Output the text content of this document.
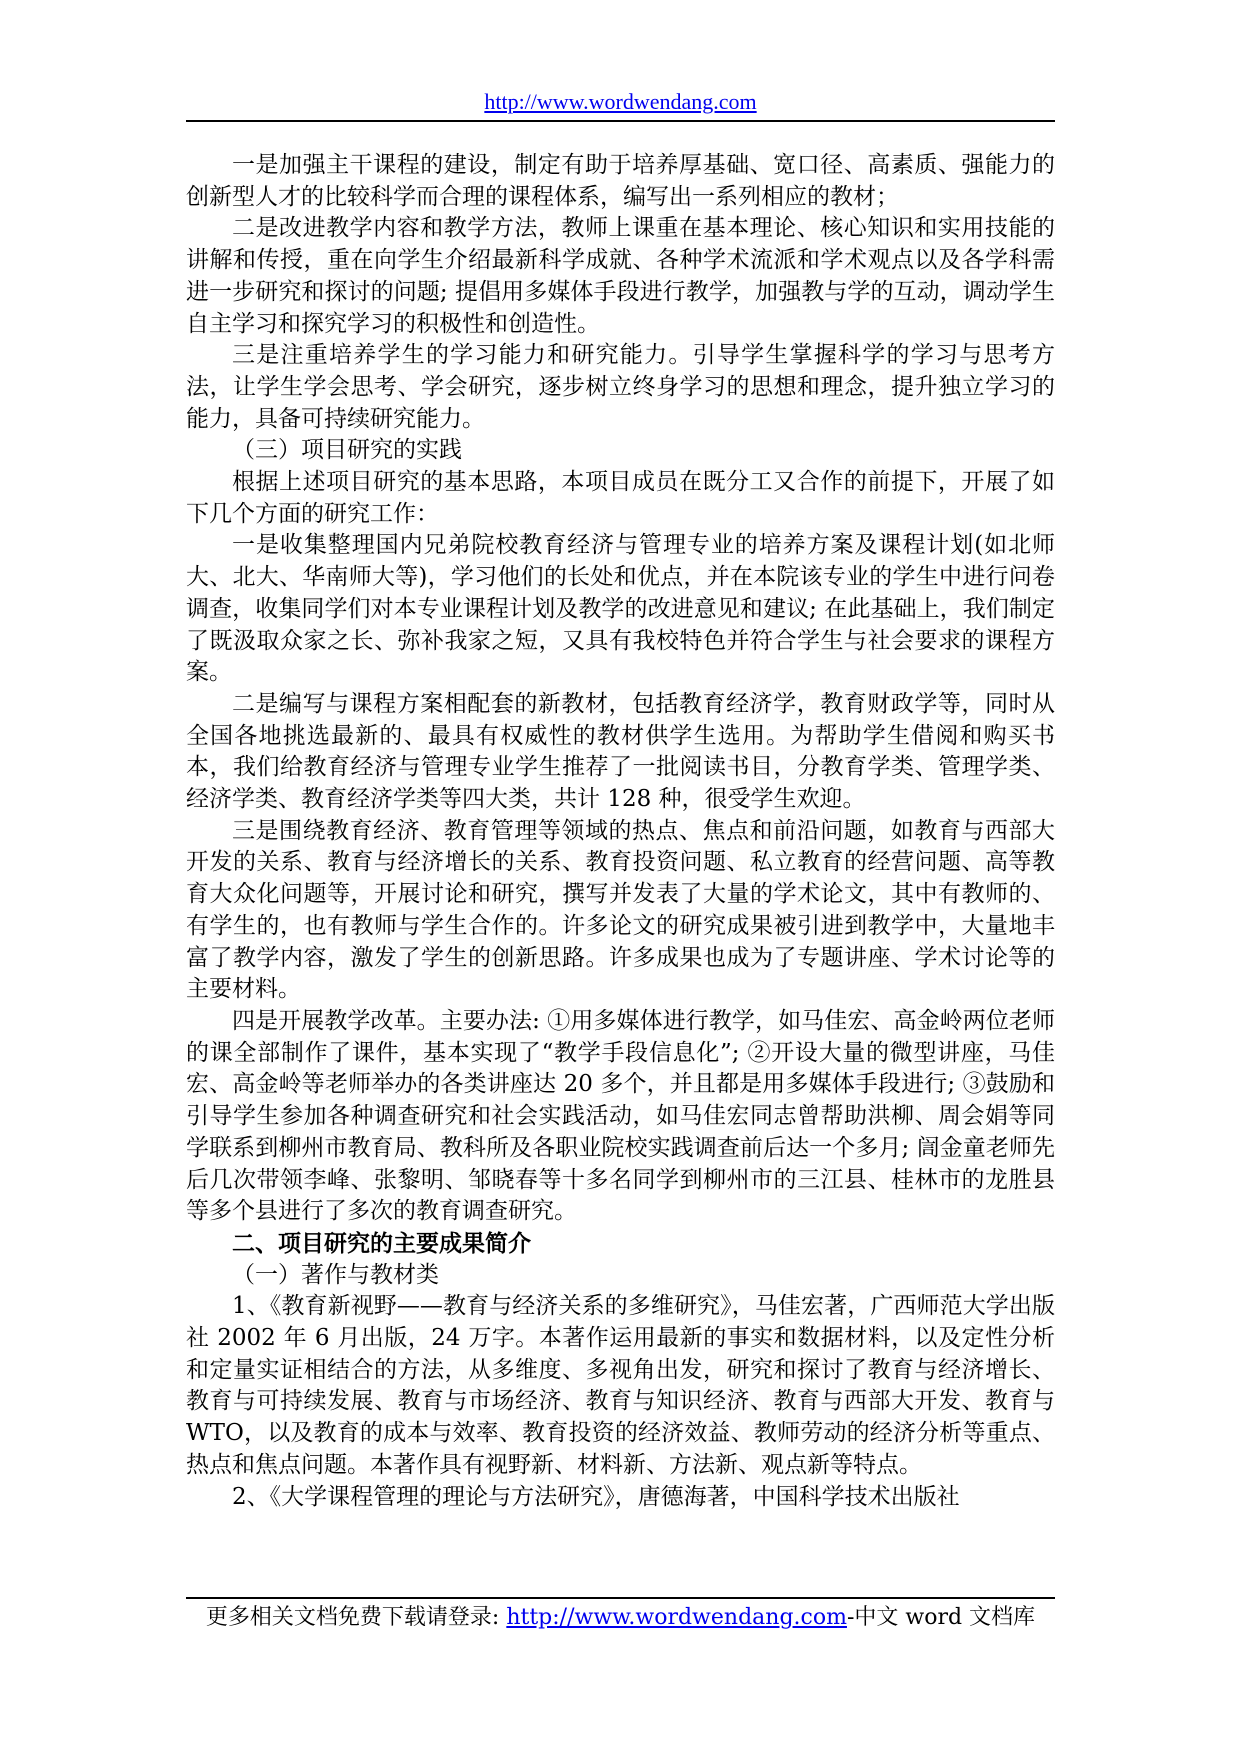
http://www.wordwendang.com

一是加强主干课程的建设，制定有助于培养厚基础、宽口径、高素质、强能力的创新型人才的比较科学而合理的课程体系，编写出一系列相应的教材；

二是改进教学内容和教学方法，教师上课重在基本理论、核心知识和实用技能的讲解和传授，重在向学生介绍最新科学成就、各种学术流派和学术观点以及各学科需进一步研究和探讨的问题; 提倡用多媒体手段进行教学，加强教与学的互动，调动学生自主学习和探究学习的积极性和创造性。

三是注重培养学生的学习能力和研究能力。引导学生掌握科学的学习与思考方法，让学生学会思考、学会研究，逐步树立终身学习的思想和理念，提升独立学习的能力，具备可持续研究能力。

（三）项目研究的实践

根据上述项目研究的基本思路，本项目成员在既分工又合作的前提下，开展了如下几个方面的研究工作：

一是收集整理国内兄弟院校教育经济与管理专业的培养方案及课程计划(如北师大、北大、华南师大等)，学习他们的长处和优点，并在本院该专业的学生中进行问卷调查，收集同学们对本专业课程计划及教学的改进意见和建议; 在此基础上，我们制定了既汲取众家之长、弥补我家之短，又具有我校特色并符合学生与社会要求的课程方案。

二是编写与课程方案相配套的新教材，包括教育经济学，教育财政学等，同时从全国各地挑选最新的、最具有权威性的教材供学生选用。为帮助学生借阅和购买书本，我们给教育经济与管理专业学生推荐了一批阅读书目，分教育学类、管理学类、经济学类、教育经济学类等四大类，共计 128 种，很受学生欢迎。

三是围绕教育经济、教育管理等领域的热点、焦点和前沿问题，如教育与西部大开发的关系、教育与经济增长的关系、教育投资问题、私立教育的经营问题、高等教育大众化问题等，开展讨论和研究，撰写并发表了大量的学术论文，其中有教师的、有学生的，也有教师与学生合作的。许多论文的研究成果被引进到教学中，大量地丰富了教学内容，激发了学生的创新思路。许多成果也成为了专题讲座、学术讨论等的主要材料。

四是开展教学改革。主要办法: ①用多媒体进行教学，如马佳宏、高金岭两位老师的课全部制作了课件，基本实现了“教学手段信息化”; ②开设大量的微型讲座，马佳宏、高金岭等老师举办的各类讲座达 20 多个，并且都是用多媒体手段进行; ③鼓励和引导学生参加各种调查研究和社会实践活动，如马佳宏同志曾帮助洪柳、周会娟等同学联系到柳州市教育局、教科所及各职业院校实践调查前后达一个多月; 訚金童老师先后几次带领李峰、张黎明、邹晓春等十多名同学到柳州市的三江县、桂林市的龙胜县等多个县进行了多次的教育调查研究。

二、项目研究的主要成果简介

（一）著作与教材类

1、《教育新视野——教育与经济关系的多维研究》，马佳宏著，广西师范大学出版社 2002 年 6 月出版，24 万字。本著作运用最新的事实和数据材料，以及定性分析和定量实证相结合的方法，从多维度、多视角出发，研究和探讨了教育与经济增长、教育与可持续发展、教育与市场经济、教育与知识经济、教育与西部大开发、教育与 WTO，以及教育的成本与效率、教育投资的经济效益、教师劳动的经济分析等重点、热点和焦点问题。本著作具有视野新、材料新、方法新、观点新等特点。

2、《大学课程管理的理论与方法研究》，唐德海著，中国科学技术出版社

更多相关文档免费下载请登录: http://www.wordwendang.com-中文 word 文档库
